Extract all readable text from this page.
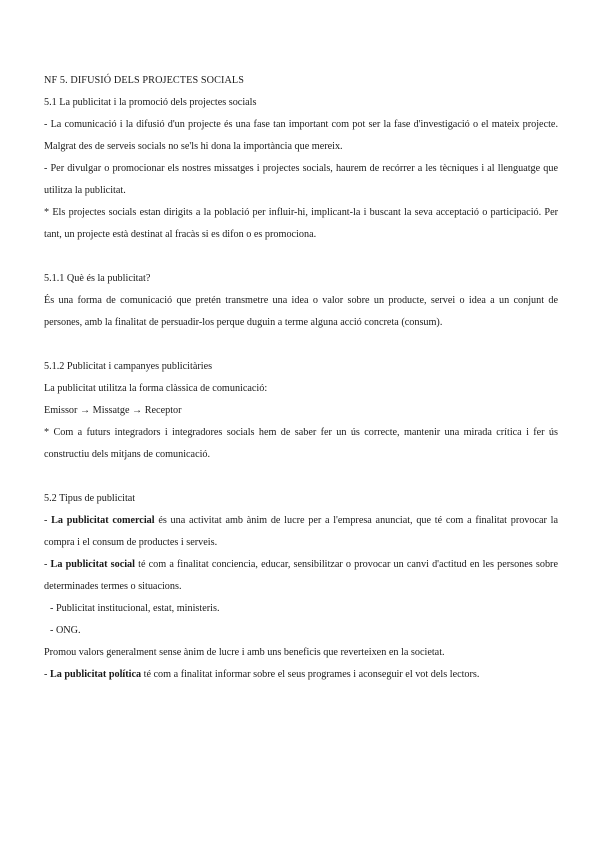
NF 5. DIFUSIÓ DELS PROJECTES SOCIALS

5.1 La publicitat i la promoció dels projectes socials

- La comunicació i la difusió d'un projecte és una fase tan important com pot ser la fase d'investigació o el mateix projecte. Malgrat des de serveis socials no se'ls hi dona la importància que mereix.

- Per divulgar o promocionar els nostres missatges i projectes socials, haurem de recórrer a les tècniques i al llenguatge que utilitza la publicitat.

* Els projectes socials estan dirigits a la població per influir-hi, implicant-la i buscant la seva acceptació o participació. Per tant, un projecte està destinat al fracàs si es difon o es promociona.

5.1.1 Què és la publicitat?

És una forma de comunicació que pretén transmetre una idea o valor sobre un producte, servei o idea a un conjunt de persones, amb la finalitat de persuadir-los perque duguin a terme alguna acció concreta (consum).

5.1.2 Publicitat i campanyes publicitàries

La publicitat utilitza la forma clàssica de comunicació:

Emissor → Missatge → Receptor

* Com a futurs integradors i integradores socials hem de saber fer un ús correcte, mantenir una mirada crítica i fer ús constructiu dels mitjans de comunicació.

5.2 Tipus de publicitat

- La publicitat comercial és una activitat amb ànim de lucre per a l'empresa anunciat, que té com a finalitat provocar la compra i el consum de productes i serveis.

- La publicitat social té com a finalitat conciencia, educar, sensibilitzar o provocar un canvi d'actitud en les persones sobre determinades termes o situacions.

- Publicitat institucional, estat, ministeris.

- ONG.

Promou valors generalment sense ànim de lucre i amb uns beneficis que reverteixen en la societat.

- La publicitat política té com a finalitat informar sobre el seus programes i aconseguir el vot dels lectors.
